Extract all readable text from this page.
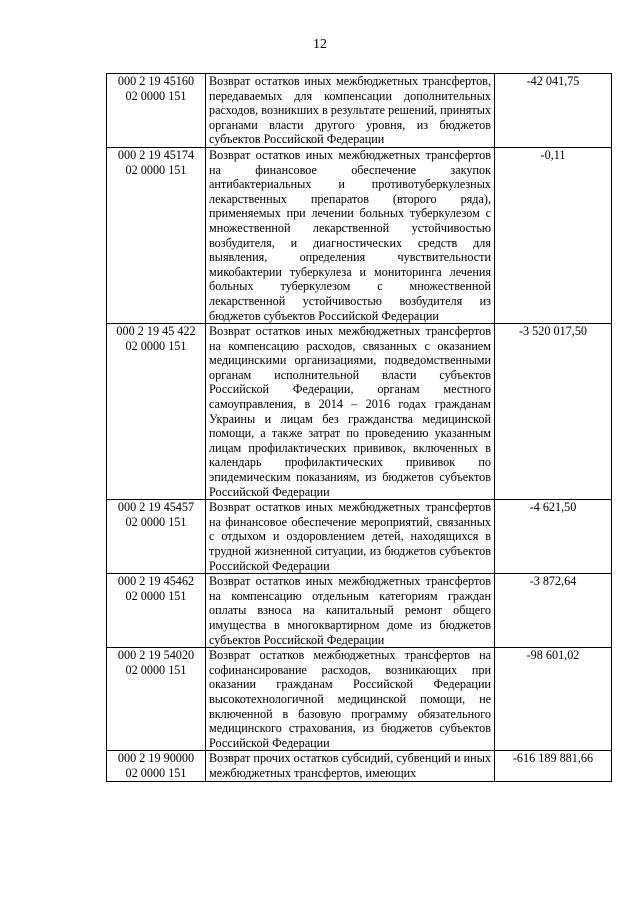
12
000 2 19 45160
02 0000 151	Возврат остатков иных межбюджетных трансфертов, передаваемых для компенсации дополнительных расходов, возникших в результате решений, принятых органами власти другого уровня, из бюджетов субъектов Российской Федерации	-42 041,75
000 2 19 45174
02 0000 151	Возврат остатков иных межбюджетных трансфертов на финансовое обеспечение закупок антибактериальных и противотуберкулезных лекарственных препаратов (второго ряда), применяемых при лечении больных туберкулезом с множественной лекарственной устойчивостью возбудителя, и диагностических средств для выявления, определения чувствительности микобактерии туберкулеза и мониторинга лечения больных туберкулезом с множественной лекарственной устойчивостью возбудителя из бюджетов субъектов Российской Федерации	-0,11
000 2 19 45 422
02 0000 151	Возврат остатков иных межбюджетных трансфертов на компенсацию расходов, связанных с оказанием медицинскими организациями, подведомственными органам исполнительной власти субъектов Российской Федерации, органам местного самоуправления, в 2014 – 2016 годах гражданам Украины и лицам без гражданства медицинской помощи, а также затрат по проведению указанным лицам профилактических прививок, включенных в календарь профилактических прививок по эпидемическим показаниям, из бюджетов субъектов Российской Федерации	-3 520 017,50
000 2 19 45457
02 0000 151	Возврат остатков иных межбюджетных трансфертов на финансовое обеспечение мероприятий, связанных с отдыхом и оздоровлением детей, находящихся в трудной жизненной ситуации, из бюджетов субъектов Российской Федерации	-4 621,50
000 2 19 45462
02 0000 151	Возврат остатков иных межбюджетных трансфертов на компенсацию отдельным категориям граждан оплаты взноса на капитальный ремонт общего имущества в многоквартирном доме из бюджетов субъектов Российской Федерации	-3 872,64
000 2 19 54020
02 0000 151	Возврат остатков межбюджетных трансфертов на софинансирование расходов, возникающих при оказании гражданам Российской Федерации высокотехнологичной медицинской помощи, не включенной в базовую программу обязательного медицинского страхования, из бюджетов субъектов Российской Федерации	-98 601,02
000 2 19 90000
02 0000 151	Возврат прочих остатков субсидий, субвенций и иных межбюджетных трансфертов, имеющих	-616 189 881,66
